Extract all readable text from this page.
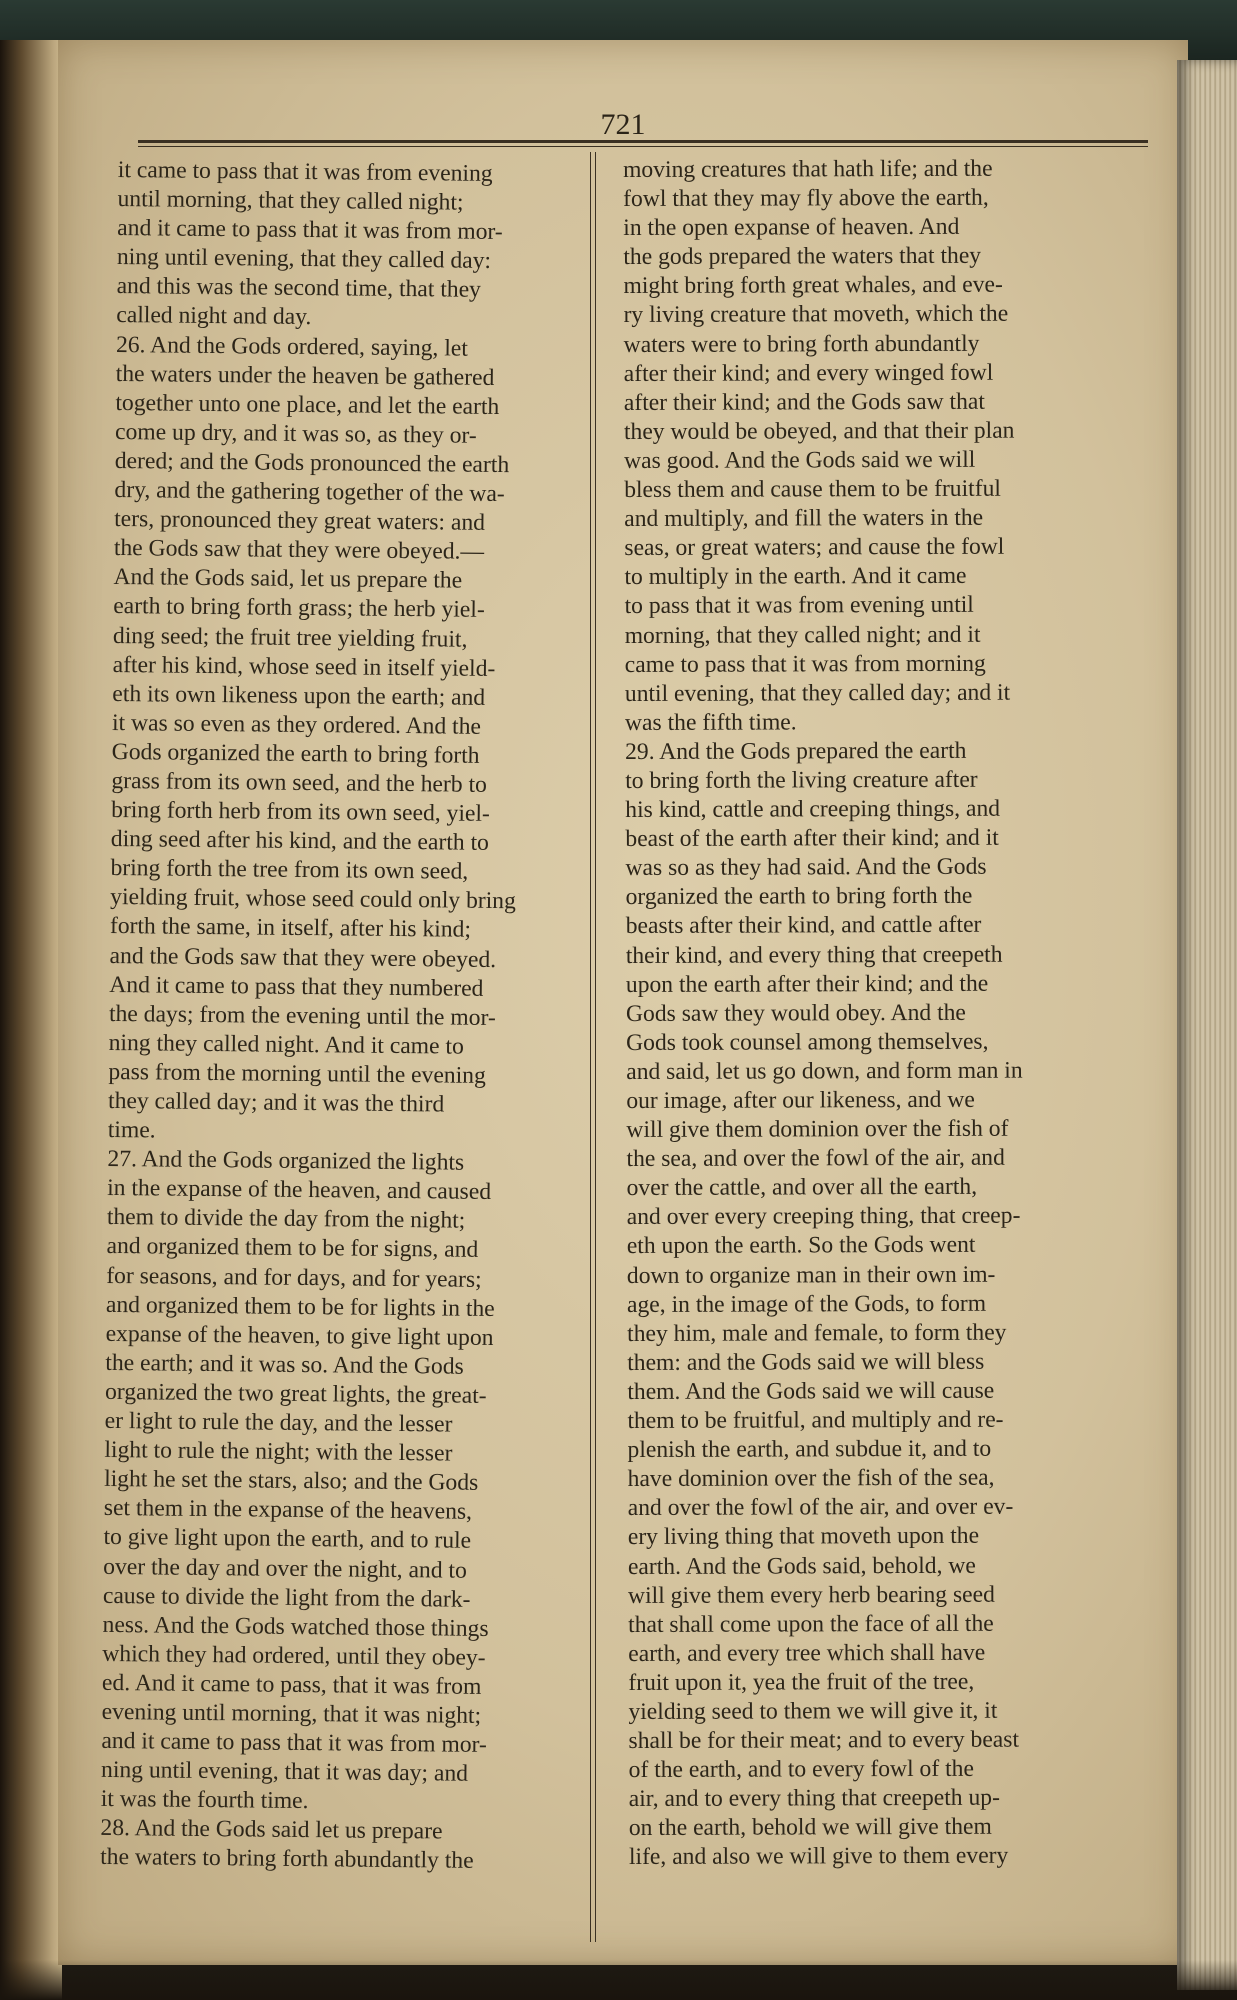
721
it came to pass that it was from evening
until morning, that they called night;
and it came to pass that it was from mor-
ning until evening, that they called day:
and this was the second time, that they
called night and day.
26. And the Gods ordered, saying, let
the waters under the heaven be gathered
together unto one place, and let the earth
come up dry, and it was so, as they or-
dered; and the Gods pronounced the earth
dry, and the gathering together of the wa-
ters, pronounced they great waters: and
the Gods saw that they were obeyed.—
And the Gods said, let us prepare the
earth to bring forth grass; the herb yiel-
ding seed; the fruit tree yielding fruit,
after his kind, whose seed in itself yield-
eth its own likeness upon the earth; and
it was so even as they ordered. And the
Gods organized the earth to bring forth
grass from its own seed, and the herb to
bring forth herb from its own seed, yiel-
ding seed after his kind, and the earth to
bring forth the tree from its own seed,
yielding fruit, whose seed could only bring
forth the same, in itself, after his kind;
and the Gods saw that they were obeyed.
And it came to pass that they numbered
the days; from the evening until the mor-
ning they called night. And it came to
pass from the morning until the evening
they called day; and it was the third
time.
27. And the Gods organized the lights
in the expanse of the heaven, and caused
them to divide the day from the night;
and organized them to be for signs, and
for seasons, and for days, and for years;
and organized them to be for lights in the
expanse of the heaven, to give light upon
the earth; and it was so. And the Gods
organized the two great lights, the great-
er light to rule the day, and the lesser
light to rule the night; with the lesser
light he set the stars, also; and the Gods
set them in the expanse of the heavens,
to give light upon the earth, and to rule
over the day and over the night, and to
cause to divide the light from the dark-
ness. And the Gods watched those things
which they had ordered, until they obey-
ed. And it came to pass, that it was from
evening until morning, that it was night;
and it came to pass that it was from mor-
ning until evening, that it was day; and
it was the fourth time.
28. And the Gods said let us prepare
the waters to bring forth abundantly the
moving creatures that hath life; and the
fowl that they may fly above the earth,
in the open expanse of heaven. And
the gods prepared the waters that they
might bring forth great whales, and eve-
ry living creature that moveth, which the
waters were to bring forth abundantly
after their kind; and every winged fowl
after their kind; and the Gods saw that
they would be obeyed, and that their plan
was good. And the Gods said we will
bless them and cause them to be fruitful
and multiply, and fill the waters in the
seas, or great waters; and cause the fowl
to multiply in the earth. And it came
to pass that it was from evening until
morning, that they called night; and it
came to pass that it was from morning
until evening, that they called day; and it
was the fifth time.
29. And the Gods prepared the earth
to bring forth the living creature after
his kind, cattle and creeping things, and
beast of the earth after their kind; and it
was so as they had said. And the Gods
organized the earth to bring forth the
beasts after their kind, and cattle after
their kind, and every thing that creepeth
upon the earth after their kind; and the
Gods saw they would obey. And the
Gods took counsel among themselves,
and said, let us go down, and form man in
our image, after our likeness, and we
will give them dominion over the fish of
the sea, and over the fowl of the air, and
over the cattle, and over all the earth,
and over every creeping thing, that creep-
eth upon the earth. So the Gods went
down to organize man in their own im-
age, in the image of the Gods, to form
they him, male and female, to form they
them: and the Gods said we will bless
them. And the Gods said we will cause
them to be fruitful, and multiply and re-
plenish the earth, and subdue it, and to
have dominion over the fish of the sea,
and over the fowl of the air, and over ev-
ery living thing that moveth upon the
earth. And the Gods said, behold, we
will give them every herb bearing seed
that shall come upon the face of all the
earth, and every tree which shall have
fruit upon it, yea the fruit of the tree,
yielding seed to them we will give it, it
shall be for their meat; and to every beast
of the earth, and to every fowl of the
air, and to every thing that creepeth up-
on the earth, behold we will give them
life, and also we will give to them every
